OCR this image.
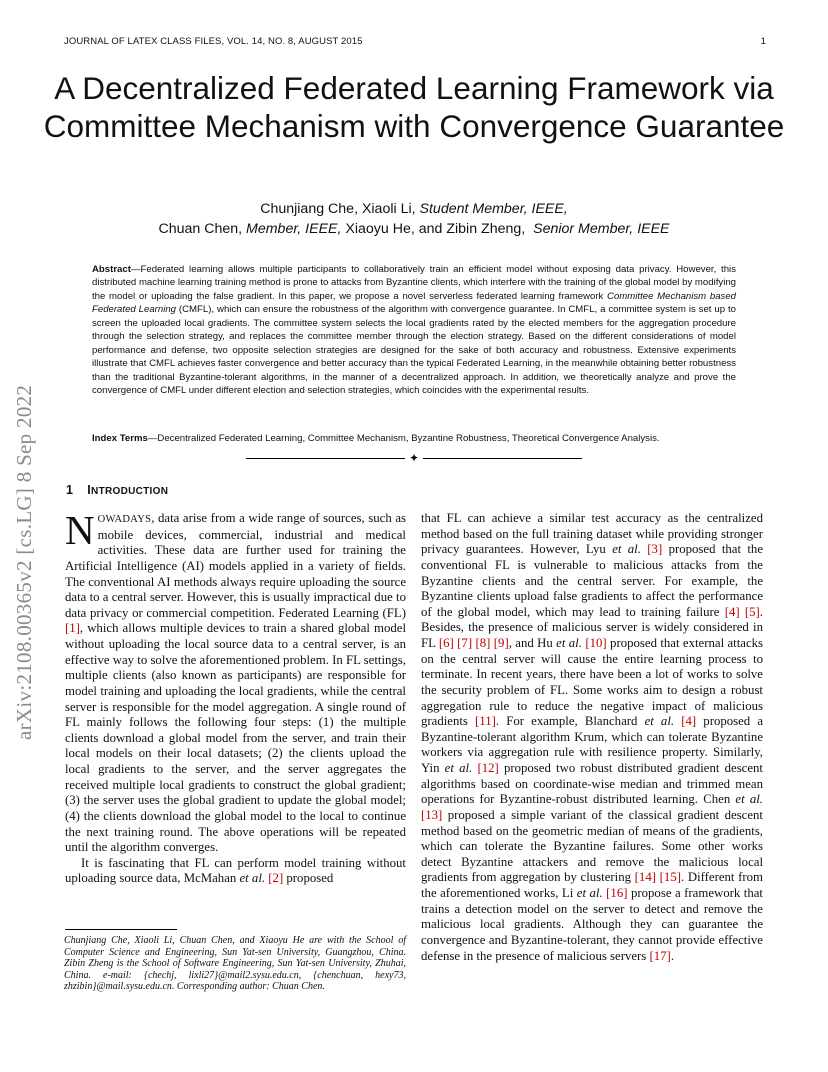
JOURNAL OF LATEX CLASS FILES, VOL. 14, NO. 8, AUGUST 2015	1
A Decentralized Federated Learning Framework via Committee Mechanism with Convergence Guarantee
Chunjiang Che, Xiaoli Li, Student Member, IEEE,
Chuan Chen, Member, IEEE, Xiaoyu He, and Zibin Zheng, Senior Member, IEEE
Abstract—Federated learning allows multiple participants to collaboratively train an efficient model without exposing data privacy. However, this distributed machine learning training method is prone to attacks from Byzantine clients, which interfere with the training of the global model by modifying the model or uploading the false gradient. In this paper, we propose a novel serverless federated learning framework Committee Mechanism based Federated Learning (CMFL), which can ensure the robustness of the algorithm with convergence guarantee. In CMFL, a committee system is set up to screen the uploaded local gradients. The committee system selects the local gradients rated by the elected members for the aggregation procedure through the selection strategy, and replaces the committee member through the election strategy. Based on the different considerations of model performance and defense, two opposite selection strategies are designed for the sake of both accuracy and robustness. Extensive experiments illustrate that CMFL achieves faster convergence and better accuracy than the typical Federated Learning, in the meanwhile obtaining better robustness than the traditional Byzantine-tolerant algorithms, in the manner of a decentralized approach. In addition, we theoretically analyze and prove the convergence of CMFL under different election and selection strategies, which coincides with the experimental results.
Index Terms—Decentralized Federated Learning, Committee Mechanism, Byzantine Robustness, Theoretical Convergence Analysis.
✦
1 INTRODUCTION

NOWADAYS, data arise from a wide range of sources, such as mobile devices, commercial, industrial and medical activities. These data are further used for training the Artificial Intelligence (AI) models applied in a variety of fields. The conventional AI methods always require uploading the source data to a central server. However, this is usually impractical due to data privacy or commercial competition. Federated Learning (FL) [1], which allows multiple devices to train a shared global model without uploading the local source data to a central server, is an effective way to solve the aforementioned problem. In FL settings, multiple clients (also known as participants) are responsible for model training and uploading the local gradients, while the central server is responsible for the model aggregation. A single round of FL mainly follows the following four steps: (1) the multiple clients download a global model from the server, and train their local models on their local datasets; (2) the clients upload the local gradients to the server, and the server aggregates the received multiple local gradients to construct the global gradient; (3) the server uses the global gradient to update the global model; (4) the clients download the global model to the local to continue the next training round. The above operations will be repeated until the algorithm converges.

It is fascinating that FL can perform model training without uploading source data, McMahan et al. [2] proposed

Chunjiang Che, Xiaoli Li, Chuan Chen, and Xiaoyu He are with the School of Computer Science and Engineering, Sun Yat-sen University, Guangzhou, China. Zibin Zheng is the School of Software Engineering, Sun Yat-sen University, Zhuhai, China. e-mail: {chechj, lixli27}@mail2.sysu.edu.cn, {chenchuan, hexy73, zhzibin}@mail.sysu.edu.cn. Corresponding author: Chuan Chen.

that FL can achieve a similar test accuracy as the centralized method based on the full training dataset while providing stronger privacy guarantees. However, Lyu et al. [3] proposed that the conventional FL is vulnerable to malicious attacks from the Byzantine clients and the central server. For example, the Byzantine clients upload false gradients to affect the performance of the global model, which may lead to training failure [4] [5]. Besides, the presence of malicious server is widely considered in FL [6] [7] [8] [9], and Hu et al. [10] proposed that external attacks on the central server will cause the entire learning process to terminate. In recent years, there have been a lot of works to solve the security problem of FL. Some works aim to design a robust aggregation rule to reduce the negative impact of malicious gradients [11]. For example, Blanchard et al. [4] proposed a Byzantine-tolerant algorithm Krum, which can tolerate Byzantine workers via aggregation rule with resilience property. Similarly, Yin et al. [12] proposed two robust distributed gradient descent algorithms based on coordinate-wise median and trimmed mean operations for Byzantine-robust distributed learning. Chen et al. [13] proposed a simple variant of the classical gradient descent method based on the geometric median of means of the gradients, which can tolerate the Byzantine failures. Some other works detect Byzantine attackers and remove the malicious local gradients from aggregation by clustering [14] [15]. Different from the aforementioned works, Li et al. [16] propose a framework that trains a detection model on the server to detect and remove the malicious local gradients. Although they can guarantee the convergence and Byzantine-tolerant, they cannot provide effective defense in the presence of malicious servers [17].

arXiv:2108.00365v2 [cs.LG] 8 Sep 2022
